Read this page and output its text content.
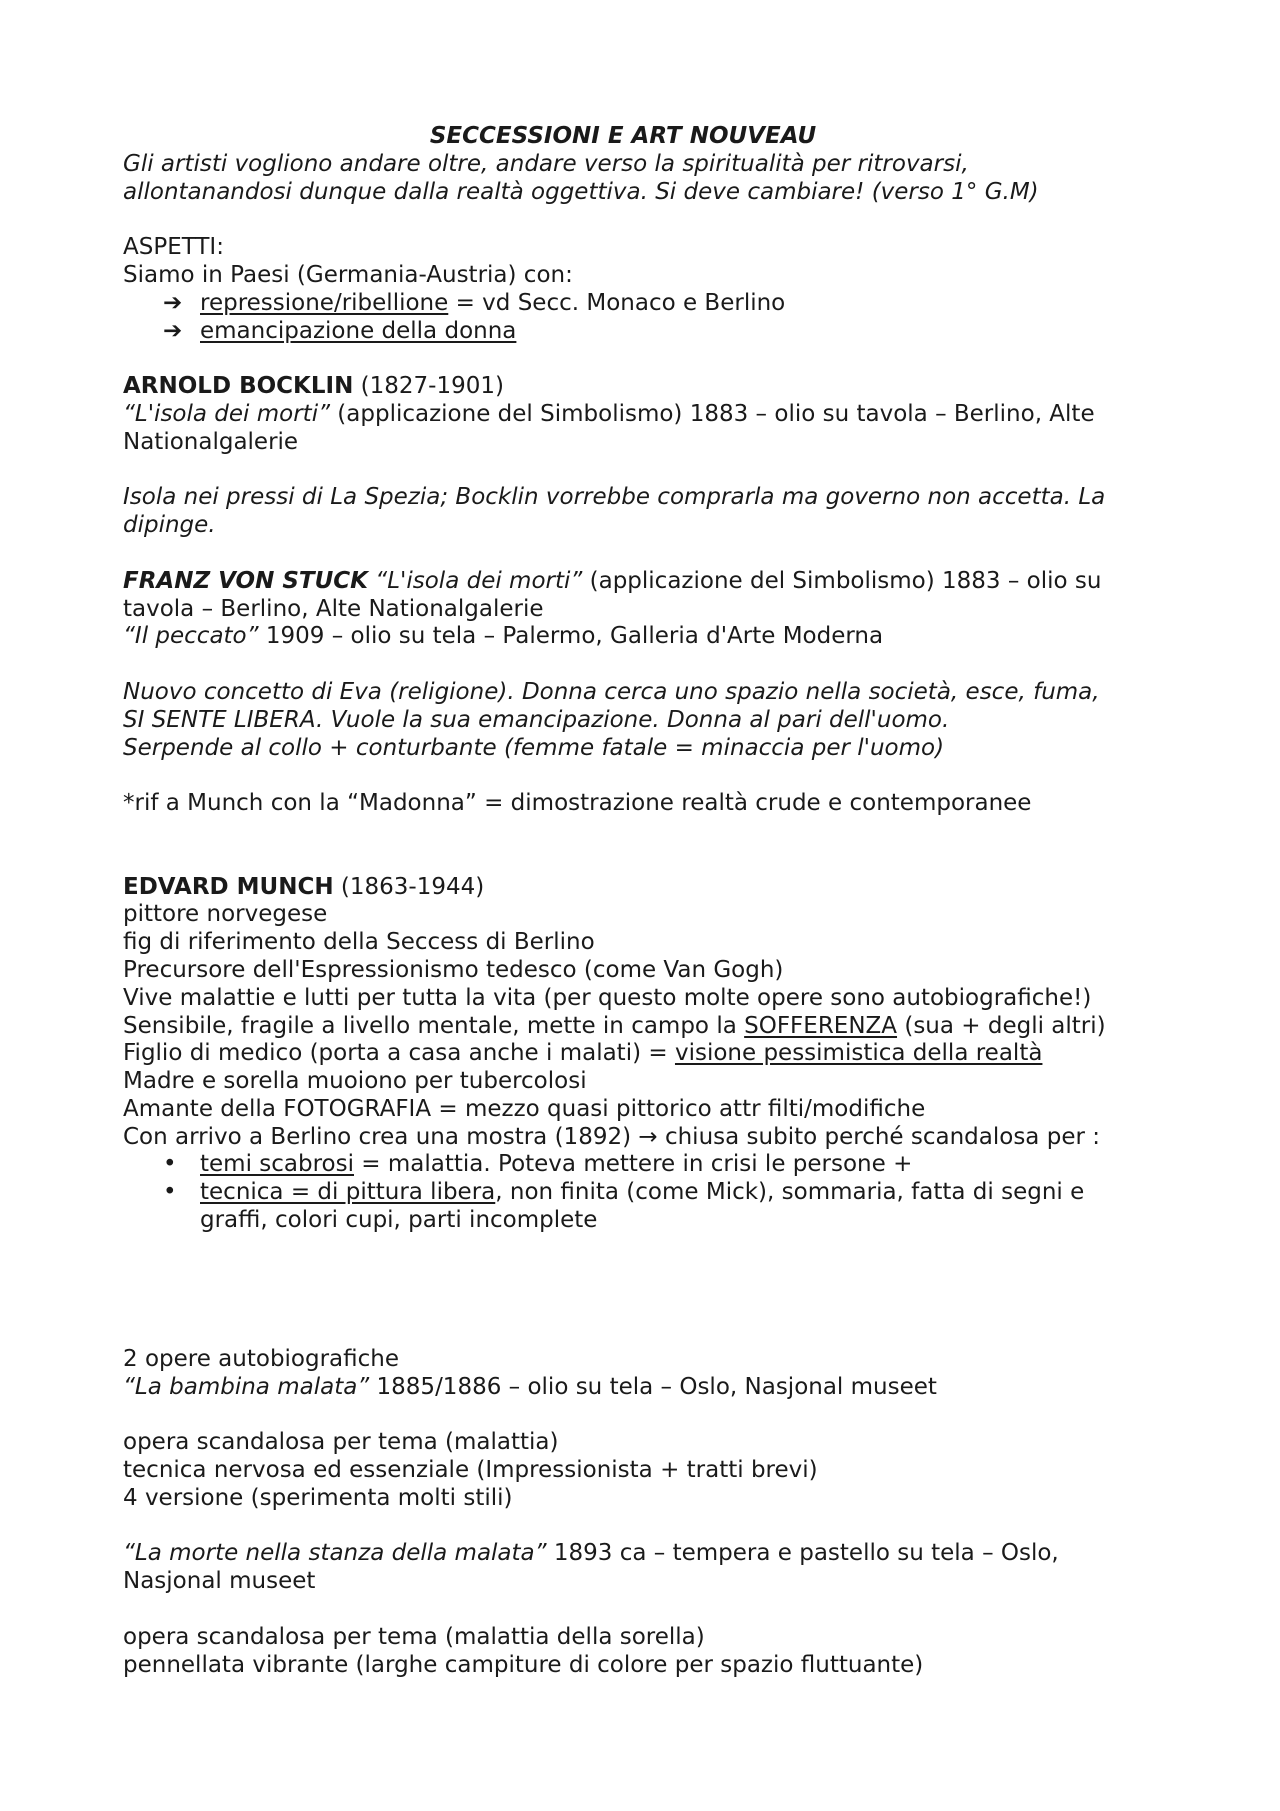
SECCESSIONI E ART NOUVEAU
Gli artisti vogliono andare oltre, andare verso la spiritualità per ritrovarsi,
allontanandosi dunque dalla realtà oggettiva. Si deve cambiare! (verso 1° G.M)
ASPETTI:
Siamo in Paesi (Germania-Austria) con:
➔ repressione/ribellione = vd Secc. Monaco e Berlino
➔ emancipazione della donna
ARNOLD BOCKLIN (1827-1901)
“L'isola dei morti” (applicazione del Simbolismo) 1883 – olio su tavola – Berlino, Alte
Nationalgalerie
Isola nei pressi di La Spezia; Bocklin vorrebbe comprarla ma governo non accetta. La
dipinge.
FRANZ VON STUCK “L'isola dei morti” (applicazione del Simbolismo) 1883 – olio su
tavola – Berlino, Alte Nationalgalerie
“Il peccato” 1909 – olio su tela – Palermo, Galleria d'Arte Moderna
Nuovo concetto di Eva (religione). Donna cerca uno spazio nella società, esce, fuma,
SI SENTE LIBERA. Vuole la sua emancipazione. Donna al pari dell'uomo.
Serpende al collo + conturbante (femme fatale = minaccia per l'uomo)
*rif a Munch con la “Madonna” = dimostrazione realtà crude e contemporanee
EDVARD MUNCH (1863-1944)
pittore norvegese
fig di riferimento della Seccess di Berlino
Precursore dell'Espressionismo tedesco (come Van Gogh)
Vive malattie e lutti per tutta la vita (per questo molte opere sono autobiografiche!)
Sensibile, fragile a livello mentale, mette in campo la SOFFERENZA (sua + degli altri)
Figlio di medico (porta a casa anche i malati) = visione pessimistica della realtà
Madre e sorella muoiono per tubercolosi
Amante della FOTOGRAFIA = mezzo quasi pittorico attr filti/modifiche
Con arrivo a Berlino crea una mostra (1892) → chiusa subito perché scandalosa per :
• temi scabrosi = malattia. Poteva mettere in crisi le persone +
• tecnica = di pittura libera, non finita (come Mick), sommaria, fatta di segni e
graffi, colori cupi, parti incomplete
2 opere autobiografiche
“La bambina malata” 1885/1886 – olio su tela – Oslo, Nasjonal museet
opera scandalosa per tema (malattia)
tecnica nervosa ed essenziale (Impressionista + tratti brevi)
4 versione (sperimenta molti stili)
“La morte nella stanza della malata” 1893 ca – tempera e pastello su tela – Oslo,
Nasjonal museet
opera scandalosa per tema (malattia della sorella)
pennellata vibrante (larghe campiture di colore per spazio fluttuante)
